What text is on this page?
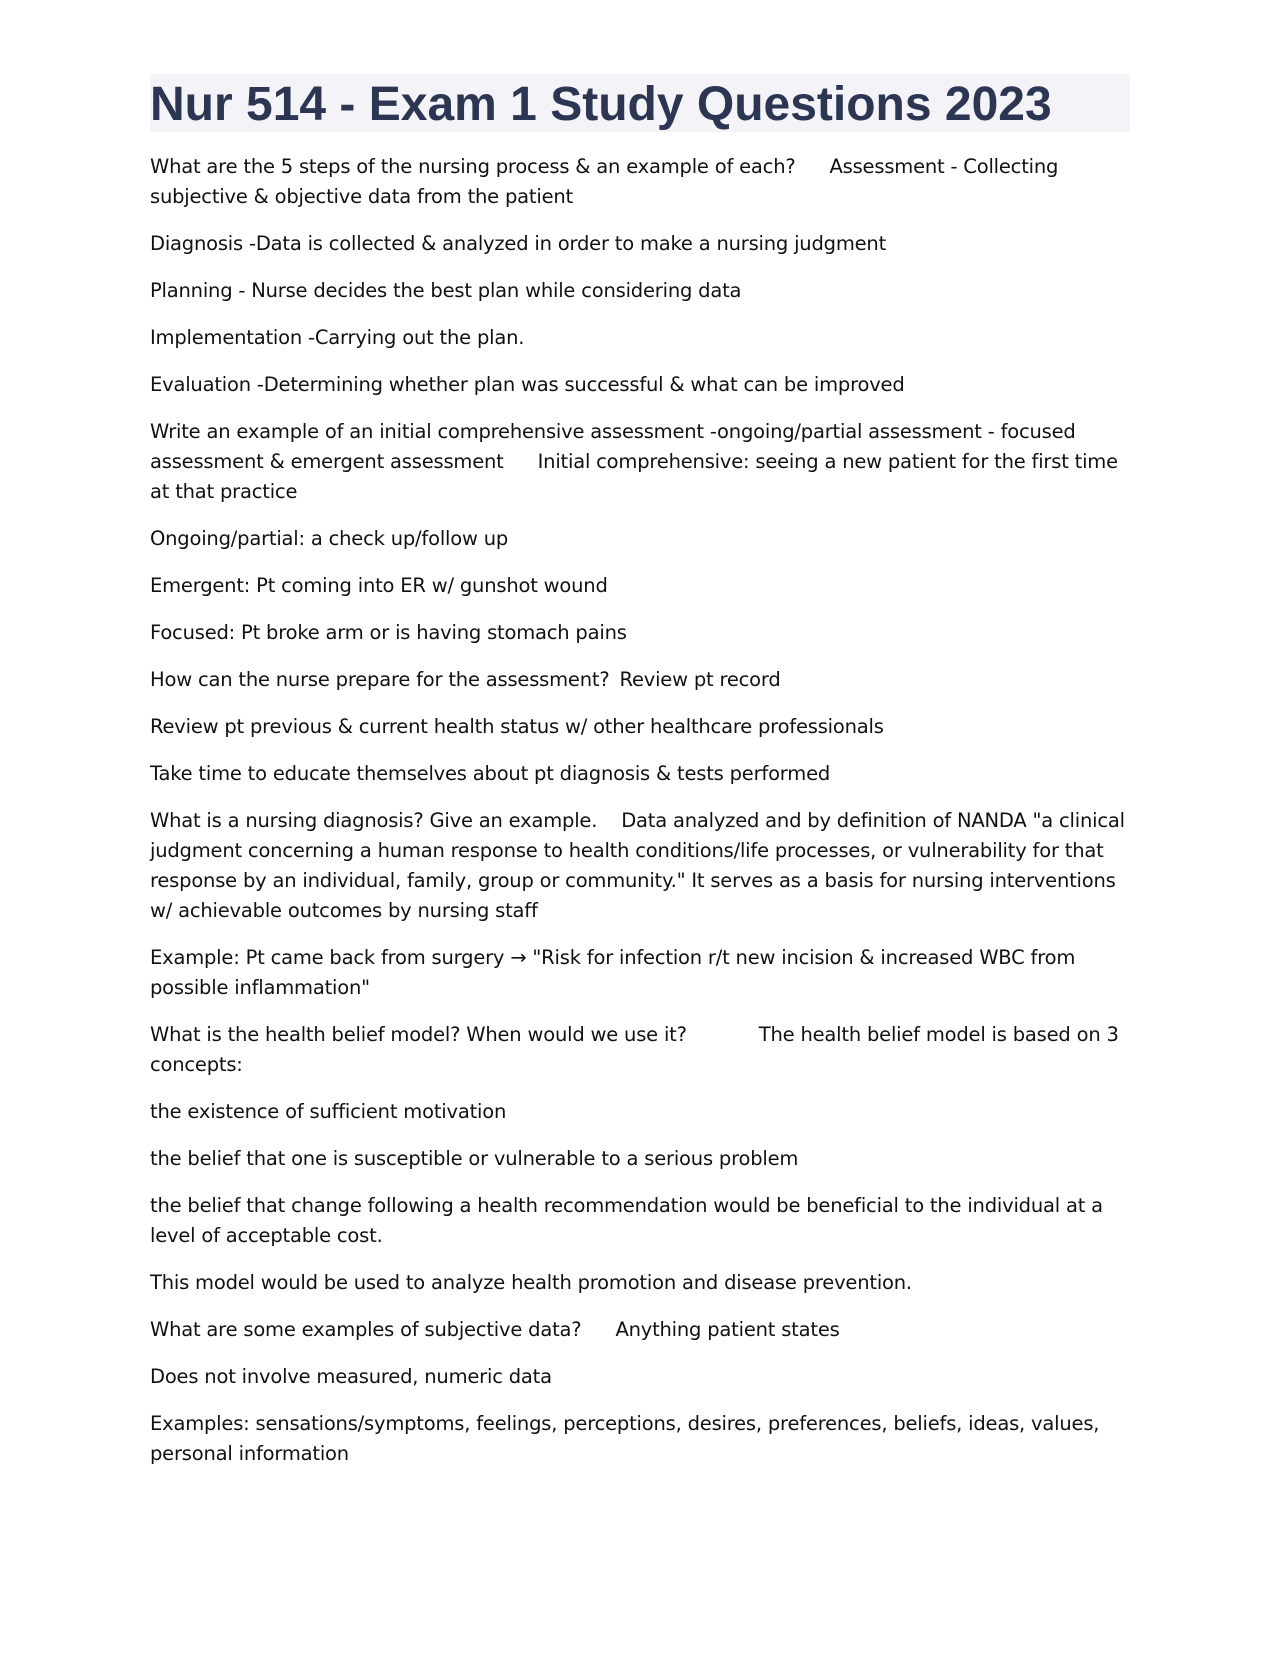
Nur 514 - Exam 1 Study Questions 2023

What are the 5 steps of the nursing process & an example of each? Assessment - Collecting subjective & objective data from the patient

Diagnosis -Data is collected & analyzed in order to make a nursing judgment

Planning - Nurse decides the best plan while considering data

Implementation -Carrying out the plan.

Evaluation -Determining whether plan was successful & what can be improved

Write an example of an initial comprehensive assessment -ongoing/partial assessment - focused assessment & emergent assessment Initial comprehensive: seeing a new patient for the first time at that practice

Ongoing/partial: a check up/follow up

Emergent: Pt coming into ER w/ gunshot wound

Focused: Pt broke arm or is having stomach pains

How can the nurse prepare for the assessment? Review pt record

Review pt previous & current health status w/ other healthcare professionals

Take time to educate themselves about pt diagnosis & tests performed

What is a nursing diagnosis? Give an example. Data analyzed and by definition of NANDA "a clinical judgment concerning a human response to health conditions/life processes, or vulnerability for that response by an individual, family, group or community." It serves as a basis for nursing interventions w/ achievable outcomes by nursing staff

Example: Pt came back from surgery → "Risk for infection r/t new incision & increased WBC from possible inflammation"

What is the health belief model? When would we use it?	The health belief model is based on 3 concepts:

the existence of sufficient motivation

the belief that one is susceptible or vulnerable to a serious problem

the belief that change following a health recommendation would be beneficial to the individual at a level of acceptable cost.

This model would be used to analyze health promotion and disease prevention.

What are some examples of subjective data? Anything patient states

Does not involve measured, numeric data

Examples: sensations/symptoms, feelings, perceptions, desires, preferences, beliefs, ideas, values, personal information
